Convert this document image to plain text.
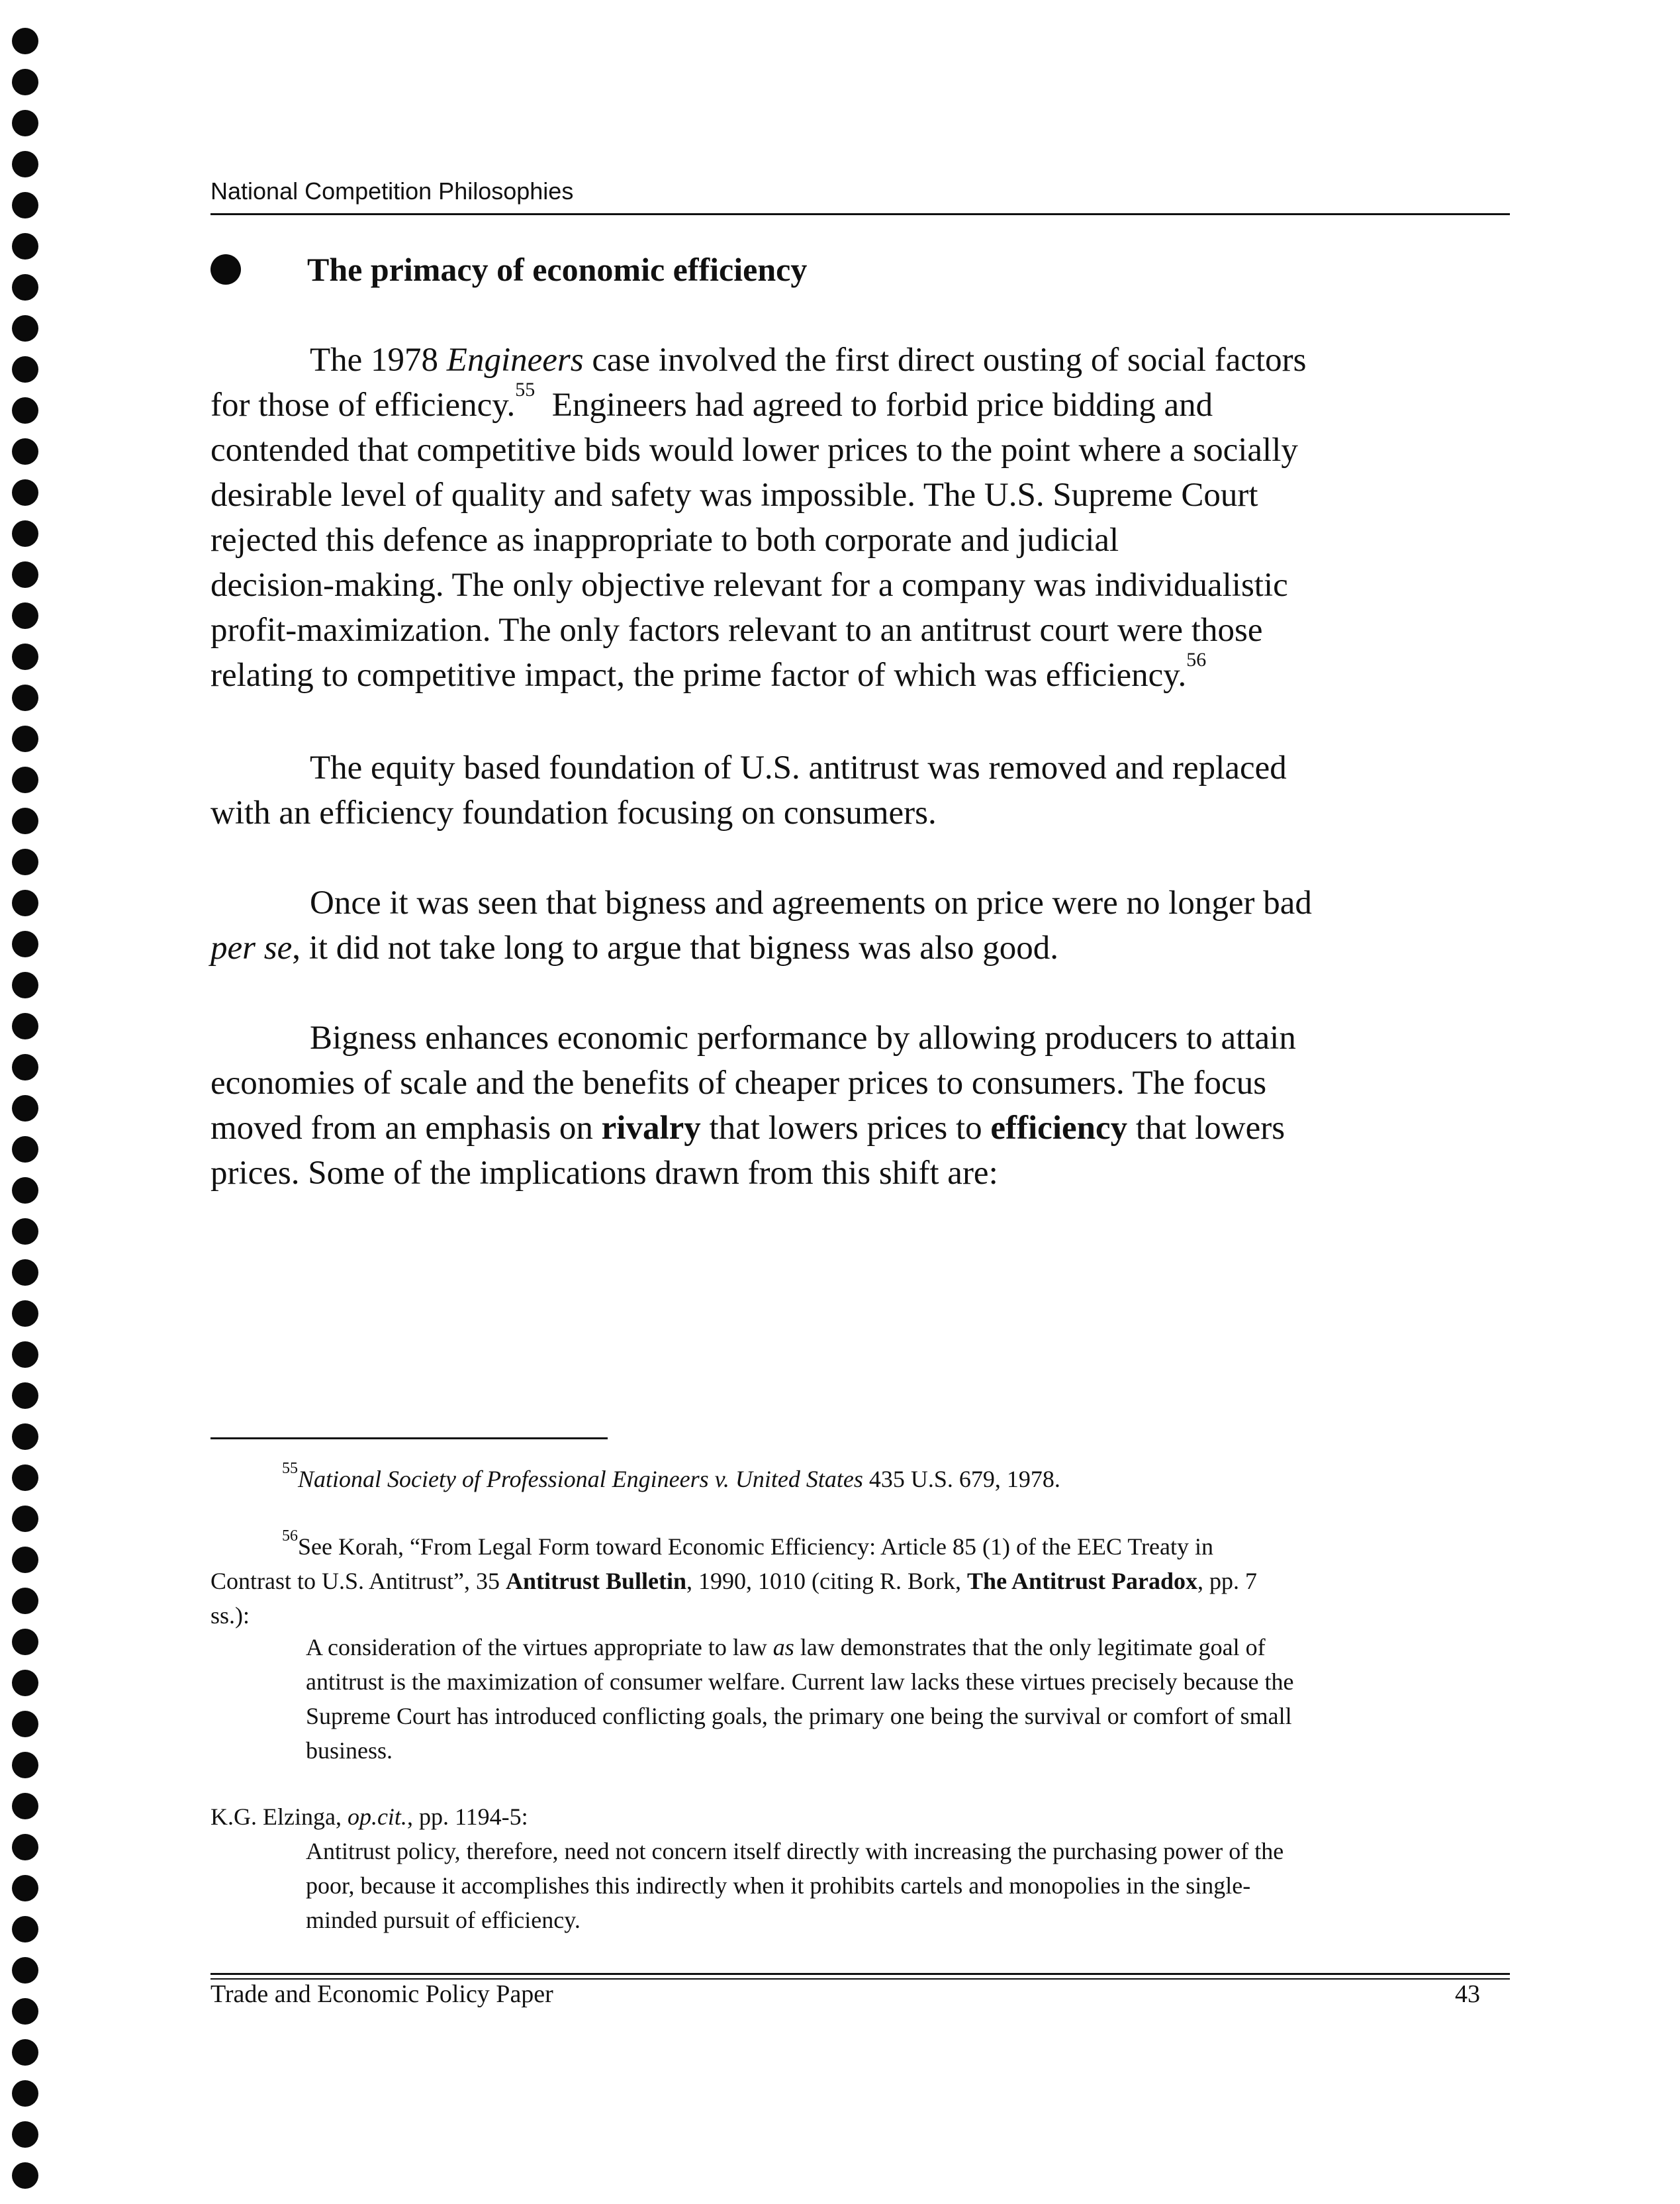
National Competition Philosophies
The primacy of economic efficiency
The 1978 Engineers case involved the first direct ousting of social factors
for those of efficiency.$^{55}$  Engineers had agreed to forbid price bidding and
contended that competitive bids would lower prices to the point where a socially
desirable level of quality and safety was impossible. The U.S. Supreme Court
rejected this defence as inappropriate to both corporate and judicial
decision-making. The only objective relevant for a company was individualistic
profit-maximization. The only factors relevant to an antitrust court were those
relating to competitive impact, the prime factor of which was efficiency.$^{56}$
The equity based foundation of U.S. antitrust was removed and replaced
with an efficiency foundation focusing on consumers.
Once it was seen that bigness and agreements on price were no longer bad
per se, it did not take long to argue that bigness was also good.
Bigness enhances economic performance by allowing producers to attain
economies of scale and the benefits of cheaper prices to consumers. The focus
moved from an emphasis on rivalry that lowers prices to efficiency that lowers
prices. Some of the implications drawn from this shift are:
$^{55}$National Society of Professional Engineers v. United States 435 U.S. 679, 1978.
$^{56}$See Korah, “From Legal Form toward Economic Efficiency: Article 85 (1) of the EEC Treaty in
Contrast to U.S. Antitrust”, 35 Antitrust Bulletin, 1990, 1010 (citing R. Bork, The Antitrust Paradox, pp. 7
ss.):
A consideration of the virtues appropriate to law as law demonstrates that the only legitimate goal of
antitrust is the maximization of consumer welfare. Current law lacks these virtues precisely because the
Supreme Court has introduced conflicting goals, the primary one being the survival or comfort of small
business.
K.G. Elzinga, op.cit., pp. 1194-5:
Antitrust policy, therefore, need not concern itself directly with increasing the purchasing power of the
poor, because it accomplishes this indirectly when it prohibits cartels and monopolies in the single-
minded pursuit of efficiency.
Trade and Economic Policy Paper	43
